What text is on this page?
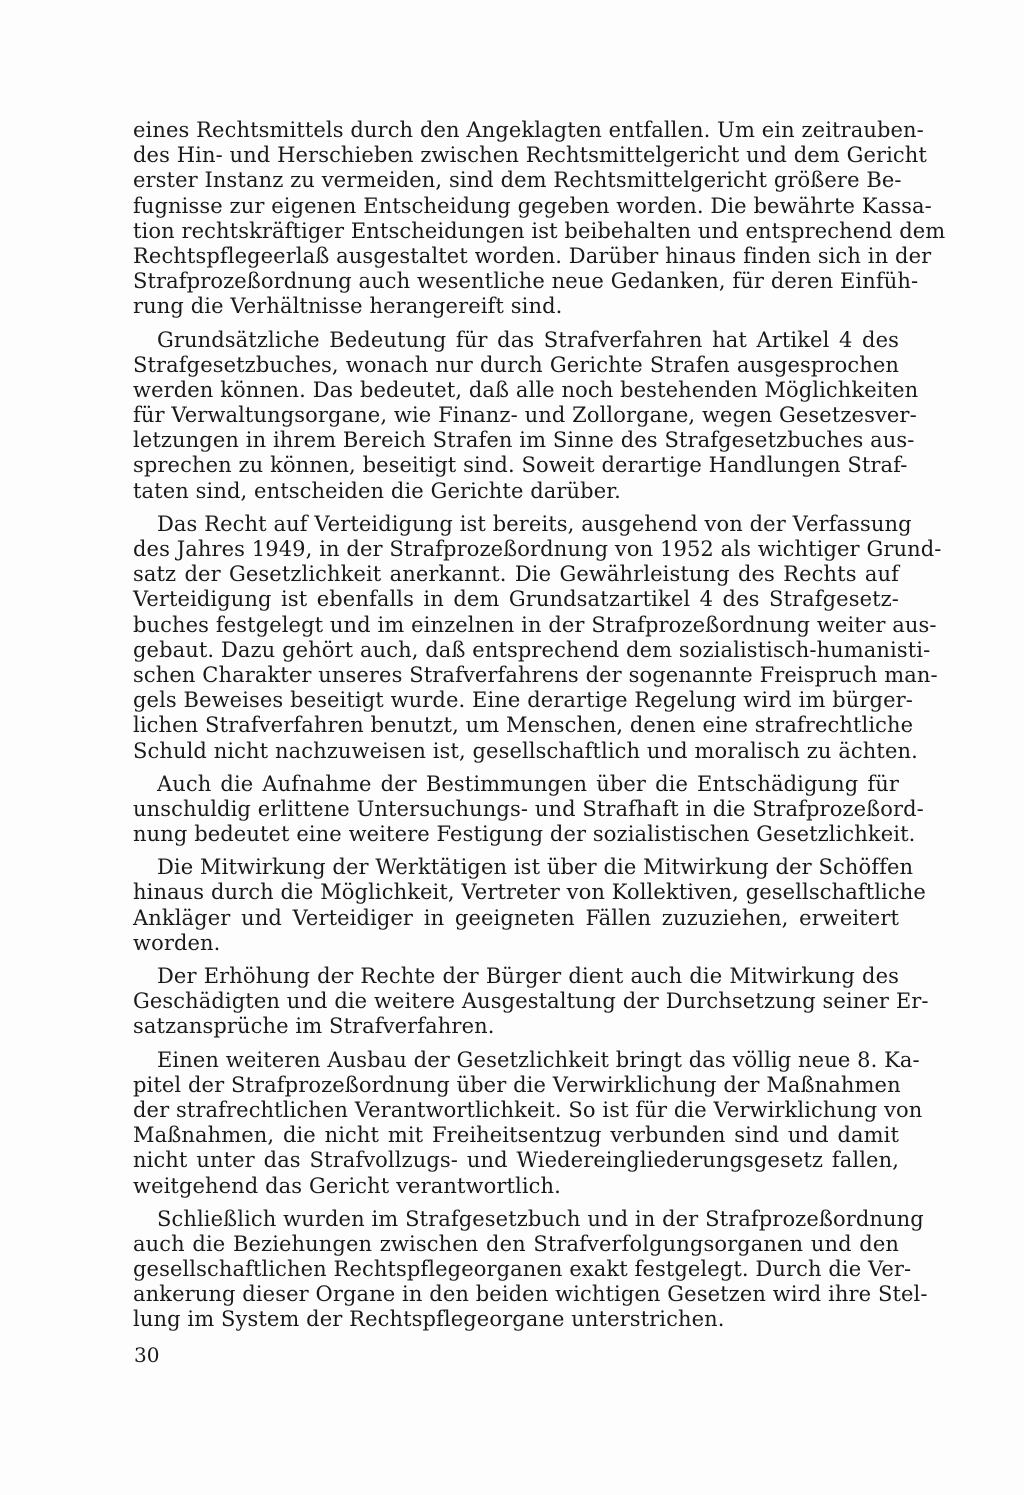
eines Rechtsmittels durch den Angeklagten entfallen. Um ein zeitrauben-
des Hin- und Herschieben zwischen Rechtsmittelgericht und dem Gericht
erster Instanz zu vermeiden, sind dem Rechtsmittelgericht größere Be-
fugnisse zur eigenen Entscheidung gegeben worden. Die bewährte Kassa-
tion rechtskräftiger Entscheidungen ist beibehalten und entsprechend dem
Rechtspflegeerlaß ausgestaltet worden. Darüber hinaus finden sich in der
Strafprozeßordnung auch wesentliche neue Gedanken, für deren Einfüh-
rung die Verhältnisse herangereift sind.
Grundsätzliche Bedeutung für das Strafverfahren hat Artikel 4 des
Strafgesetzbuches, wonach nur durch Gerichte Strafen ausgesprochen
werden können. Das bedeutet, daß alle noch bestehenden Möglichkeiten
für Verwaltungsorgane, wie Finanz- und Zollorgane, wegen Gesetzesver-
letzungen in ihrem Bereich Strafen im Sinne des Strafgesetzbuches aus-
sprechen zu können, beseitigt sind. Soweit derartige Handlungen Straf-
taten sind, entscheiden die Gerichte darüber.
Das Recht auf Verteidigung ist bereits, ausgehend von der Verfassung
des Jahres 1949, in der Strafprozeßordnung von 1952 als wichtiger Grund-
satz der Gesetzlichkeit anerkannt. Die Gewährleistung des Rechts auf
Verteidigung ist ebenfalls in dem Grundsatzartikel 4 des Strafgesetz-
buches festgelegt und im einzelnen in der Strafprozeßordnung weiter aus-
gebaut. Dazu gehört auch, daß entsprechend dem sozialistisch-humanisti-
schen Charakter unseres Strafverfahrens der sogenannte Freispruch man-
gels Beweises beseitigt wurde. Eine derartige Regelung wird im bürger-
lichen Strafverfahren benutzt, um Menschen, denen eine strafrechtliche
Schuld nicht nachzuweisen ist, gesellschaftlich und moralisch zu ächten.
Auch die Aufnahme der Bestimmungen über die Entschädigung für
unschuldig erlittene Untersuchungs- und Strafhaft in die Strafprozeßord-
nung bedeutet eine weitere Festigung der sozialistischen Gesetzlichkeit.
Die Mitwirkung der Werktätigen ist über die Mitwirkung der Schöffen
hinaus durch die Möglichkeit, Vertreter von Kollektiven, gesellschaftliche
Ankläger und Verteidiger in geeigneten Fällen zuzuziehen, erweitert
worden.
Der Erhöhung der Rechte der Bürger dient auch die Mitwirkung des
Geschädigten und die weitere Ausgestaltung der Durchsetzung seiner Er-
satzansprüche im Strafverfahren.
Einen weiteren Ausbau der Gesetzlichkeit bringt das völlig neue 8. Ka-
pitel der Strafprozeßordnung über die Verwirklichung der Maßnahmen
der strafrechtlichen Verantwortlichkeit. So ist für die Verwirklichung von
Maßnahmen, die nicht mit Freiheitsentzug verbunden sind und damit
nicht unter das Strafvollzugs- und Wiedereingliederungsgesetz fallen,
weitgehend das Gericht verantwortlich.
Schließlich wurden im Strafgesetzbuch und in der Strafprozeßordnung
auch die Beziehungen zwischen den Strafverfolgungsorganen und den
gesellschaftlichen Rechtspflegeorganen exakt festgelegt. Durch die Ver-
ankerung dieser Organe in den beiden wichtigen Gesetzen wird ihre Stel-
lung im System der Rechtspflegeorgane unterstrichen.
30
